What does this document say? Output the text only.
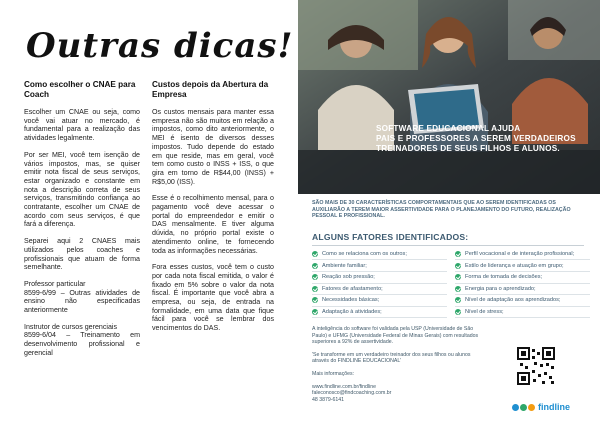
Outras dicas!
Como escolher o CNAE para Coach

Escolher um CNAE ou seja, como você vai atuar no mercado, é fundamental para a realização das atividades legalmente.

Por ser MEI, você tem isenção de vários impostos, mas, se quiser emitir nota fiscal de seus serviços, estar organizado e constante em nota a descrição correta de seus serviços, transmitindo confiança ao contratante, escolher um CNAE de acordo com seus serviços, é que fará a diferença.

Separei aqui 2 CNAES mais utilizados pelos coaches e profissionais que atuam de forma semelhante.

Professor particular

8599-6/99 – Outras atividades de ensino não especificadas anteriormente

Instrutor de cursos gerenciais

8599-6/04 – Treinamento em desenvolvimento profissional e gerencial

Custos depois da Abertura da Empresa

Os custos mensais para manter essa empresa não são muitos em relação a impostos, como dito anteriormente, o MEI é isento de diversos desses impostos. Tudo depende do estado em que reside, mas em geral, você tem como custo o INSS + ISS, o que gira em torno de R$44,00 (INSS) + R$5,00 (ISS).

Esse é o recolhimento mensal, para o pagamento você deve acessar o portal do empreendedor e emitir o DAS mensalmente. E tiver alguma dúvida, no próprio portal existe o atendimento online, te fornecendo toda as informações necessárias.

Fora esses custos, você tem o custo por cada nota fiscal emitida, o valor é fixado em 5% sobre o valor da nota fiscal. É importante que você abra a empresa, ou seja, de entrada na formalidade, em uma data que fique fácil para você se lembrar dos vencimentos do DAS.

SOFTWARE EDUCACIONAL AJUDA
PAIS E PROFESSORES A SEREM VERDADEIROS
TREINADORES DE SEUS FILHOS E ALUNOS.

SÃO MAIS DE 30 CARACTERÍSTICAS COMPORTAMENTAIS QUE AO SEREM IDENTIFICADAS OS AUXILIARÃO A TEREM MAIOR ASSERTIVIDADE PARA O PLANEJAMENTO DO FUTURO, REALIZAÇÃO PESSOAL E PROFISSIONAL.

ALGUNS FATORES IDENTIFICADOS:
Como se relaciona com os outros;	Perfil vocacional e de interação profissional;
Ambiente familiar;	Estilo de liderança e atuação em grupo;
Reação sob pressão;	Forma de tomada de decisões;
Fatores de afastamento;	Energia para o aprendizado;
Necessidades básicas;	Nível de adaptação aos aprendizados;
Adaptação à atividades;	Nível de stress;

A inteligência do software foi validada pela USP (Universidade de São Paulo) e UFMG (Universidade Federal de Minas Gerais) com resultados superiores a 92% de assertividade.

'Se transforme em um verdadeiro treinador dos seus filhos ou alunos através do FINDLINE EDUCACIONAL'

Mais informações:

www.findline.com.br/findline
faleconosco@findcoaching.com.br
48 3879-6141
findline
